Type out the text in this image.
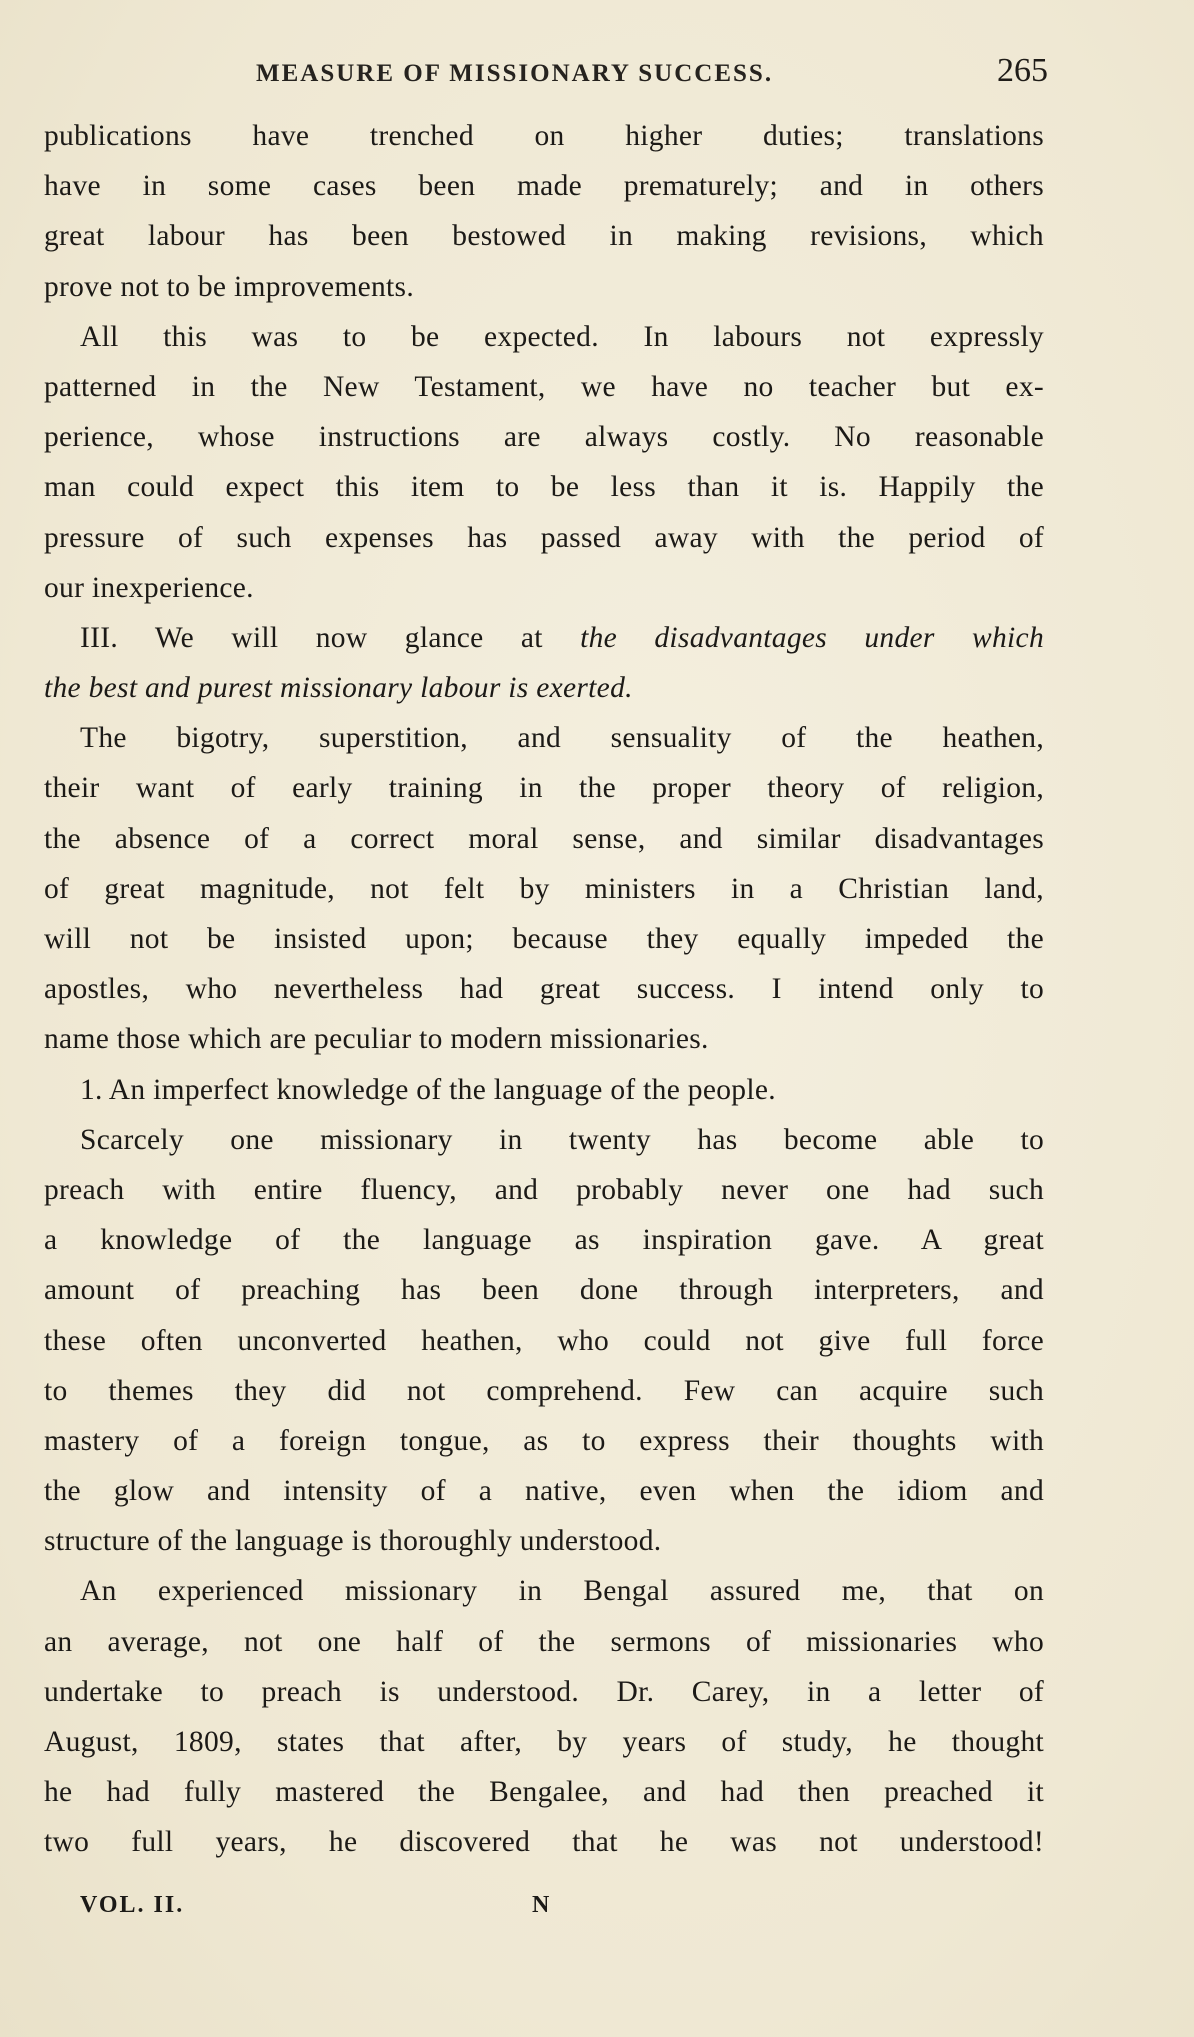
MEASURE OF MISSIONARY SUCCESS.	265
publications have trenched on higher duties; translations
have in some cases been made prematurely; and in others
great labour has been bestowed in making revisions, which
prove not to be improvements.
All this was to be expected. In labours not expressly
patterned in the New Testament, we have no teacher but ex-
perience, whose instructions are always costly. No reasonable
man could expect this item to be less than it is. Happily the
pressure of such expenses has passed away with the period of
our inexperience.
III. We will now glance at the disadvantages under which
the best and purest missionary labour is exerted.
The bigotry, superstition, and sensuality of the heathen,
their want of early training in the proper theory of religion,
the absence of a correct moral sense, and similar disadvantages
of great magnitude, not felt by ministers in a Christian land,
will not be insisted upon; because they equally impeded the
apostles, who nevertheless had great success. I intend only to
name those which are peculiar to modern missionaries.
1. An imperfect knowledge of the language of the people.
Scarcely one missionary in twenty has become able to
preach with entire fluency, and probably never one had such
a knowledge of the language as inspiration gave. A great
amount of preaching has been done through interpreters, and
these often unconverted heathen, who could not give full force
to themes they did not comprehend. Few can acquire such
mastery of a foreign tongue, as to express their thoughts with
the glow and intensity of a native, even when the idiom and
structure of the language is thoroughly understood.
An experienced missionary in Bengal assured me, that on
an average, not one half of the sermons of missionaries who
undertake to preach is understood. Dr. Carey, in a letter of
August, 1809, states that after, by years of study, he thought
he had fully mastered the Bengalee, and had then preached it
two full years, he discovered that he was not understood!
VOL. II.	N
